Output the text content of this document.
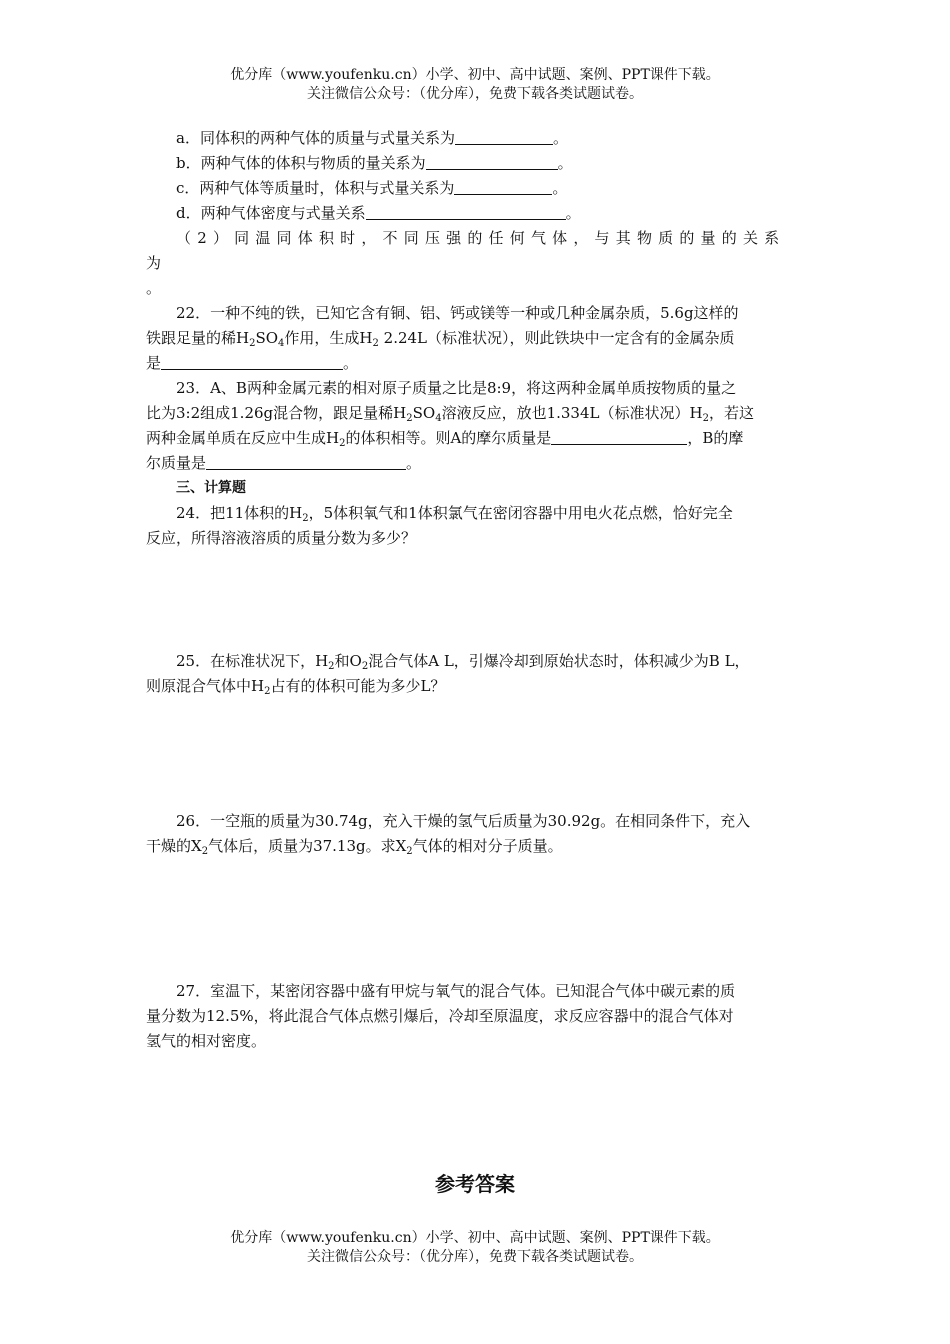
优分库（www.youfenku.cn）小学、初中、高中试题、案例、PPT课件下载。
关注微信公众号：（优分库），免费下载各类试题试卷。
a．同体积的两种气体的质量与式量关系为	。
b．两种气体的体积与物质的量关系为	。
c．两种气体等质量时，体积与式量关系为	。
d．两种气体密度与式量关系	。
（2）同温同体积时，不同压强的任何气体，与其物质的量的关系为
。
22．一种不纯的铁，已知它含有铜、铝、钙或镁等一种或几种金属杂质，5.6g这样的
铁跟足量的稀$H_2SO_4$作用，生成$H_2$ 2.24L（标准状况），则此铁块中一定含有的金属杂质
是	。
23．A、B两种金属元素的相对原子质量之比是8:9，将这两种金属单质按物质的量之
比为3:2组成1.26g混合物，跟足量稀$H_2SO_4$溶液反应，放也1.334L（标准状况）$H_2$，若这
两种金属单质在反应中生成$H_2$的体积相等。则A的摩尔质量是	，B的摩
尔质量是	。
三、计算题
24．把11体积的$H_2$，5体积氧气和1体积氯气在密闭容器中用电火花点燃，恰好完全
反应，所得溶液溶质的质量分数为多少？
25．在标准状况下，$H_2$和$O_2$混合气体A L，引爆冷却到原始状态时，体积减少为B L，
则原混合气体中$H_2$占有的体积可能为多少L？
26．一空瓶的质量为30.74g，充入干燥的氢气后质量为30.92g。在相同条件下，充入
干燥的$X_2$气体后，质量为37.13g。求$X_2$气体的相对分子质量。
27．室温下，某密闭容器中盛有甲烷与氧气的混合气体。已知混合气体中碳元素的质
量分数为12.5%，将此混合气体点燃引爆后，冷却至原温度，求反应容器中的混合气体对
氢气的相对密度。
参考答案
优分库（www.youfenku.cn）小学、初中、高中试题、案例、PPT课件下载。
关注微信公众号：（优分库），免费下载各类试题试卷。
